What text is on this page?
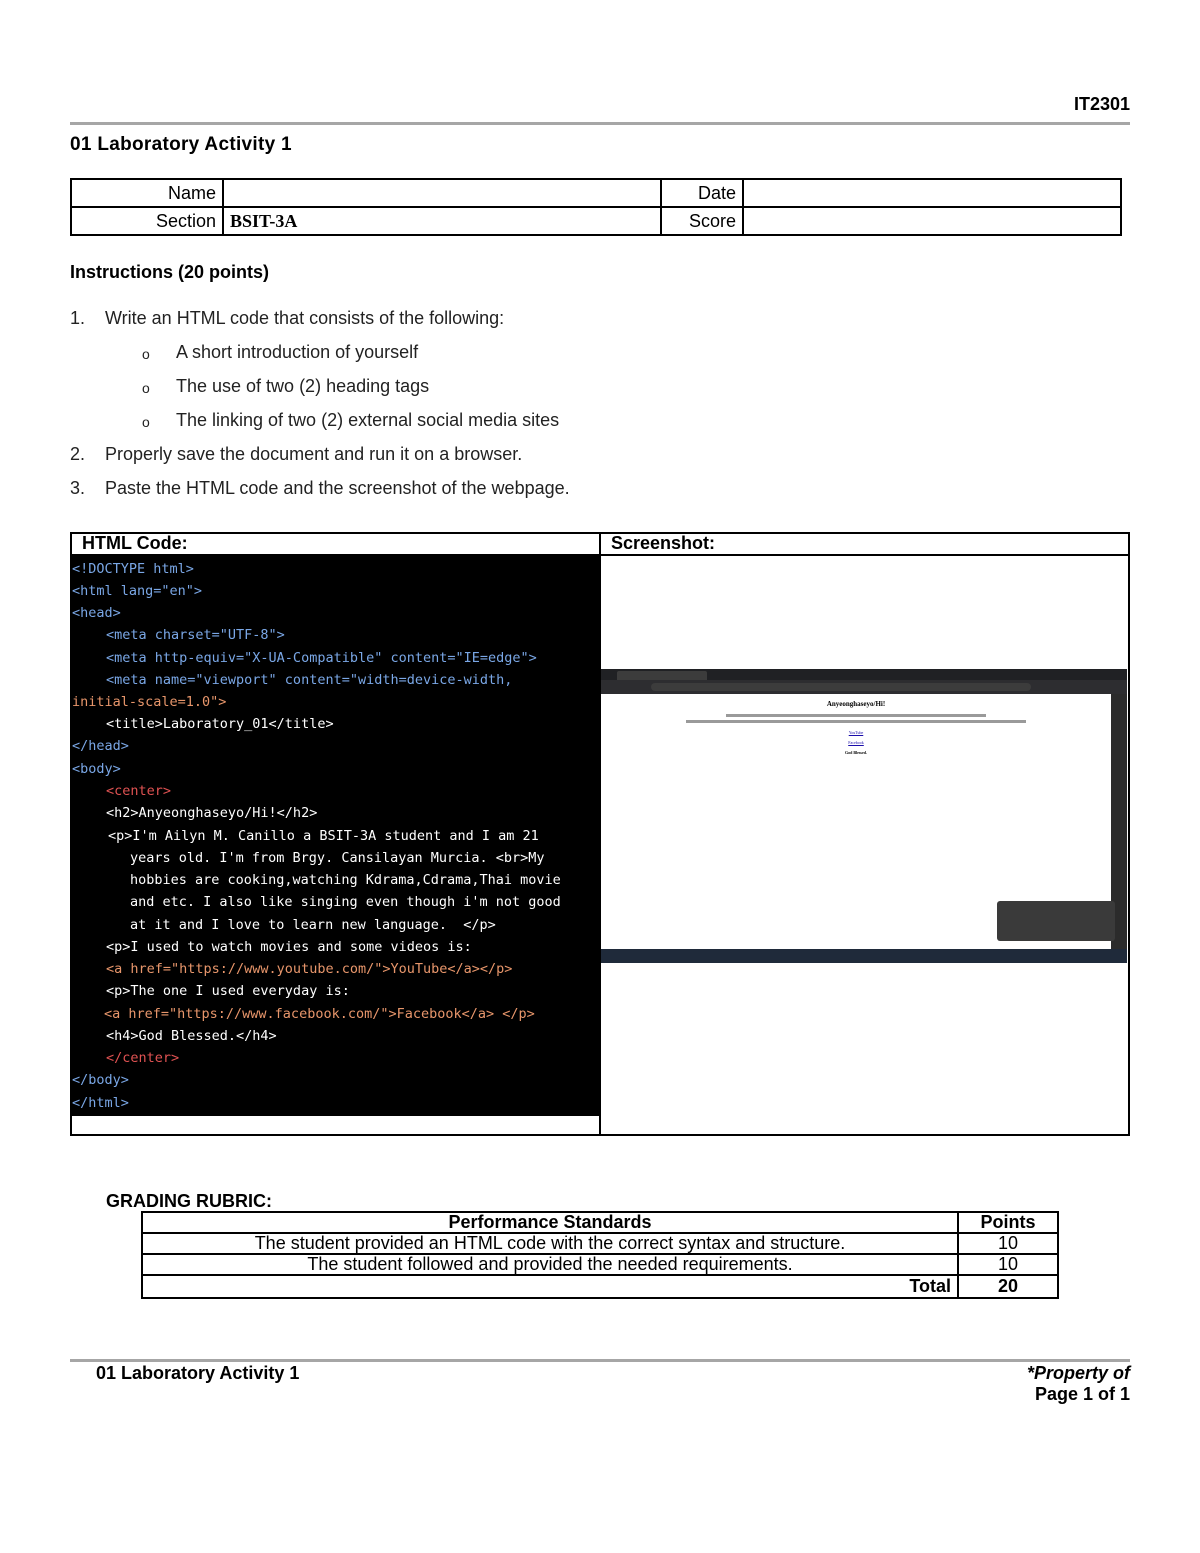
IT2301
01 Laboratory Activity 1
Name		Date	
Section	BSIT-3A	Score	
Instructions (20 points)
1. Write an HTML code that consists of the following:
o A short introduction of yourself
o The use of two (2) heading tags
o The linking of two (2) external social media sites
2. Properly save the document and run it on a browser.
3. Paste the HTML code and the screenshot of the webpage.
HTML Code:	Screenshot:
<!DOCTYPE html>
<html lang="en">
<head>
<meta charset="UTF-8">
<meta http-equiv="X-UA-Compatible" content="IE=edge">
<meta name="viewport" content="width=device-width,
initial-scale=1.0">
<title>Laboratory_01</title>
</head>
<body>
<center>
<h2>Anyeonghaseyo/Hi!</h2>
<p>I'm Ailyn M. Canillo a BSIT-3A student and I am 21
years old. I'm from Brgy. Cansilayan Murcia. <br>My
hobbies are cooking,watching Kdrama,Cdrama,Thai movie
and etc. I also like singing even though i'm not good
at it and I love to learn new language.  </p>
<p>I used to watch movies and some videos is:
<a href="https://www.youtube.com/">YouTube</a></p>
<p>The one I used everyday is:
<a href="https://www.facebook.com/">Facebook</a> </p>
<h4>God Blessed.</h4>
</center>
</body>
</html>
Anyeonghaseyo/Hi!
YouTube
Facebook
God Blessed.
GRADING RUBRIC:
Performance Standards	Points
The student provided an HTML code with the correct syntax and structure.	10
The student followed and provided the needed requirements.	10
Total	20
01 Laboratory Activity 1	*Property of
Page 1 of 1
